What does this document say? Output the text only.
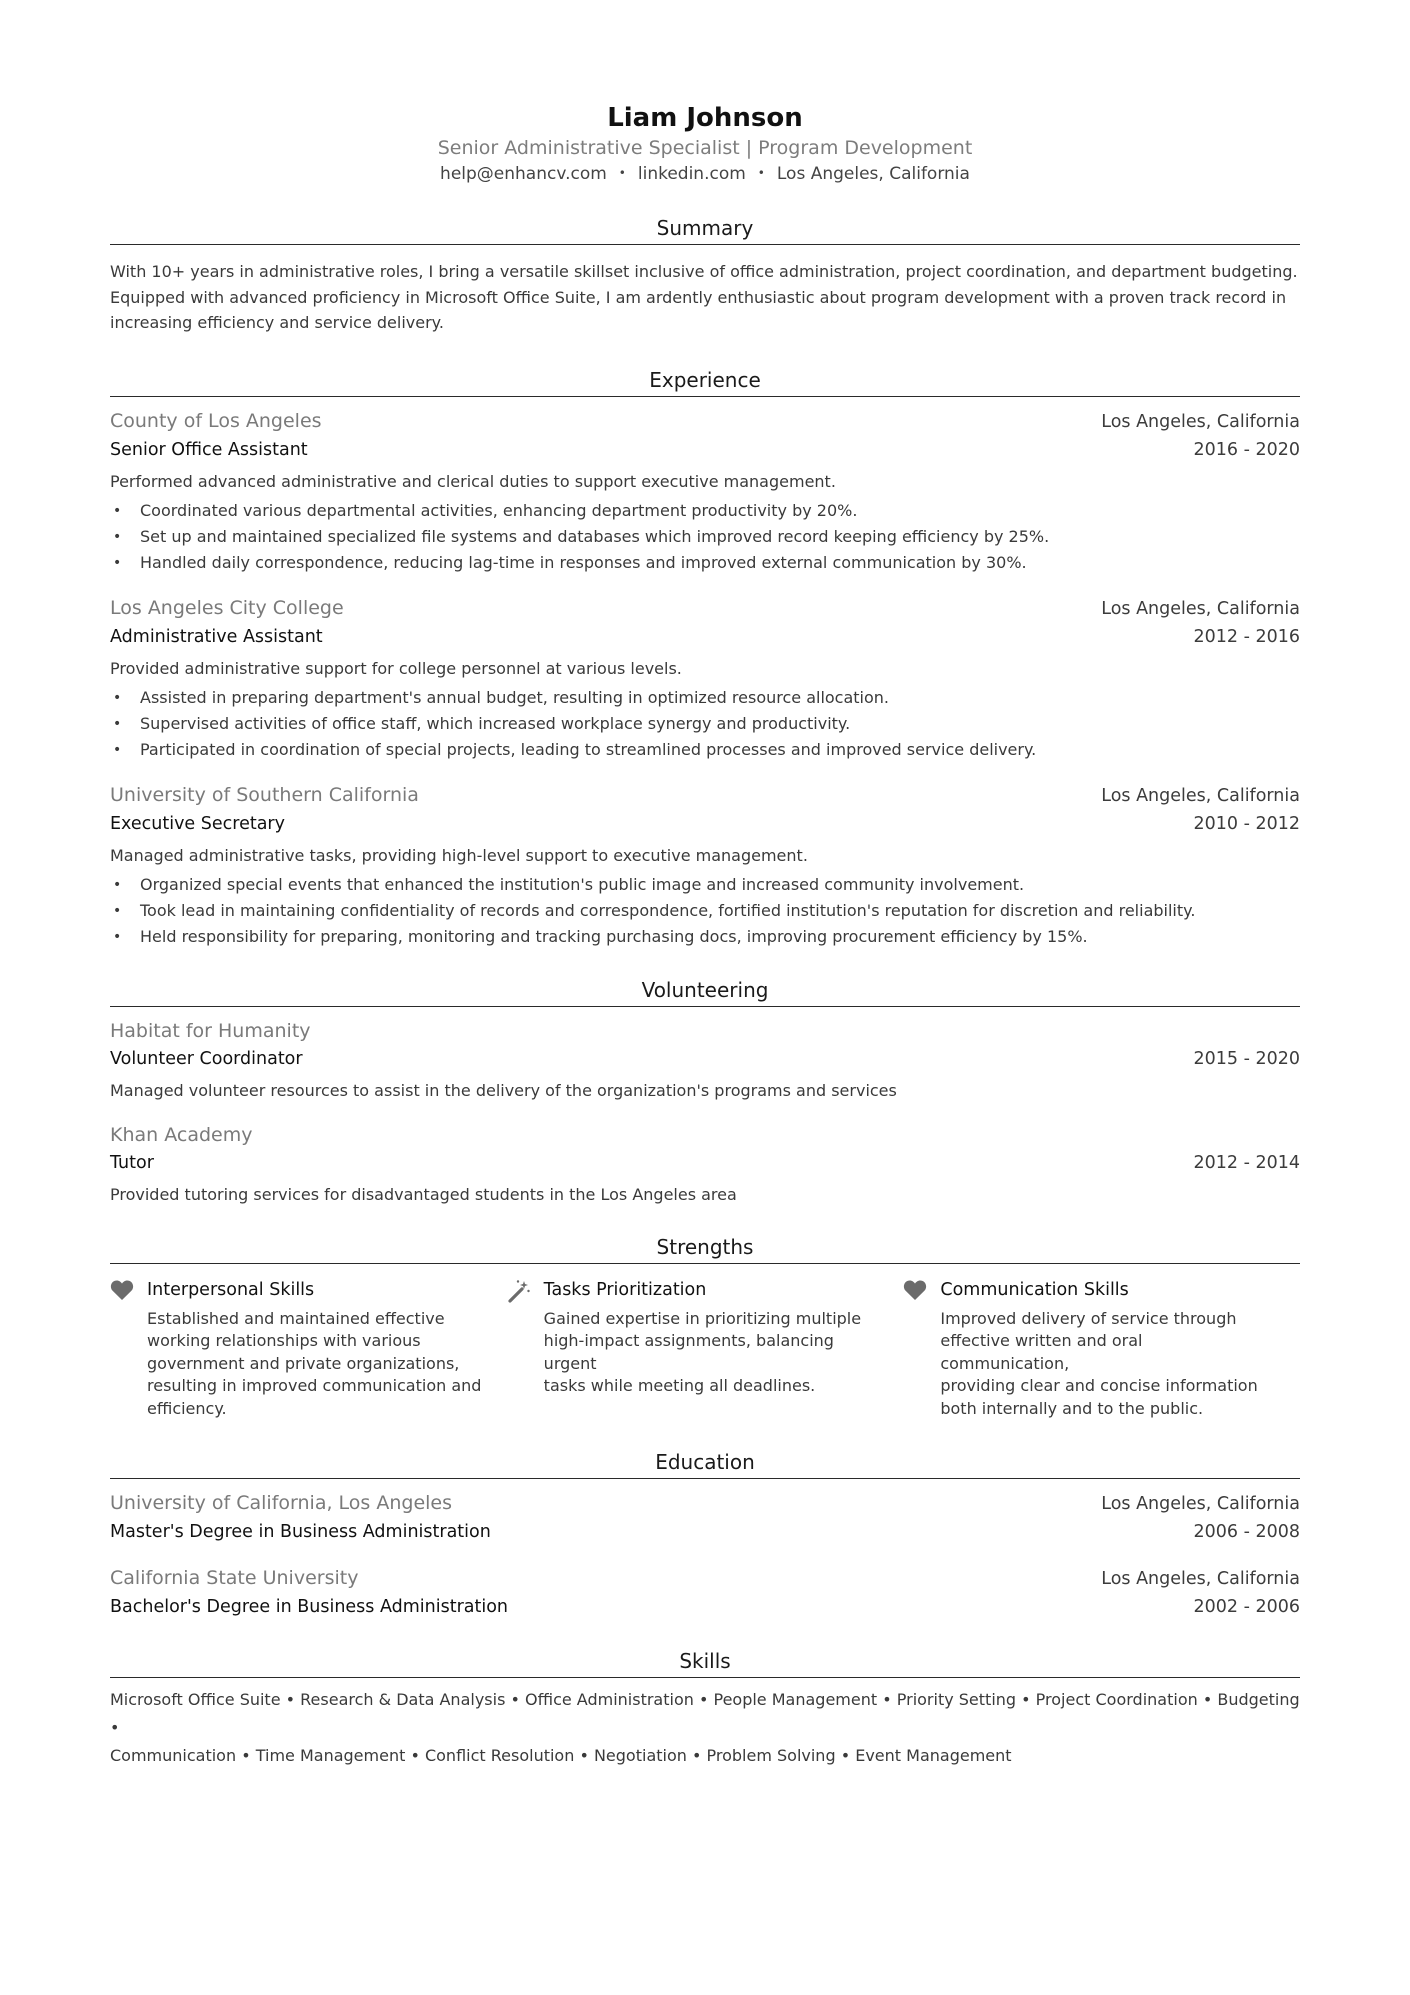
Liam Johnson
Senior Administrative Specialist | Program Development
help@enhancv.com • linkedin.com • Los Angeles, California
Summary
With 10+ years in administrative roles, I bring a versatile skillset inclusive of office administration, project coordination, and department budgeting.
Equipped with advanced proficiency in Microsoft Office Suite, I am ardently enthusiastic about program development with a proven track record in
increasing efficiency and service delivery.
Experience
County of Los Angeles	Los Angeles, California
Senior Office Assistant	2016 - 2020
Performed advanced administrative and clerical duties to support executive management.
• Coordinated various departmental activities, enhancing department productivity by 20%.
• Set up and maintained specialized file systems and databases which improved record keeping efficiency by 25%.
• Handled daily correspondence, reducing lag-time in responses and improved external communication by 30%.
Los Angeles City College	Los Angeles, California
Administrative Assistant	2012 - 2016
Provided administrative support for college personnel at various levels.
• Assisted in preparing department's annual budget, resulting in optimized resource allocation.
• Supervised activities of office staff, which increased workplace synergy and productivity.
• Participated in coordination of special projects, leading to streamlined processes and improved service delivery.
University of Southern California	Los Angeles, California
Executive Secretary	2010 - 2012
Managed administrative tasks, providing high-level support to executive management.
• Organized special events that enhanced the institution's public image and increased community involvement.
• Took lead in maintaining confidentiality of records and correspondence, fortified institution's reputation for discretion and reliability.
• Held responsibility for preparing, monitoring and tracking purchasing docs, improving procurement efficiency by 15%.
Volunteering
Habitat for Humanity
Volunteer Coordinator	2015 - 2020
Managed volunteer resources to assist in the delivery of the organization's programs and services
Khan Academy
Tutor	2012 - 2014
Provided tutoring services for disadvantaged students in the Los Angeles area
Strengths
Interpersonal Skills
Established and maintained effective
working relationships with various
government and private organizations,
resulting in improved communication and
efficiency.
Tasks Prioritization
Gained expertise in prioritizing multiple
high-impact assignments, balancing urgent
tasks while meeting all deadlines.
Communication Skills
Improved delivery of service through
effective written and oral communication,
providing clear and concise information
both internally and to the public.
Education
University of California, Los Angeles	Los Angeles, California
Master's Degree in Business Administration	2006 - 2008
California State University	Los Angeles, California
Bachelor's Degree in Business Administration	2002 - 2006
Skills
Microsoft Office Suite • Research & Data Analysis • Office Administration • People Management • Priority Setting • Project Coordination • Budgeting •
Communication • Time Management • Conflict Resolution • Negotiation • Problem Solving • Event Management
